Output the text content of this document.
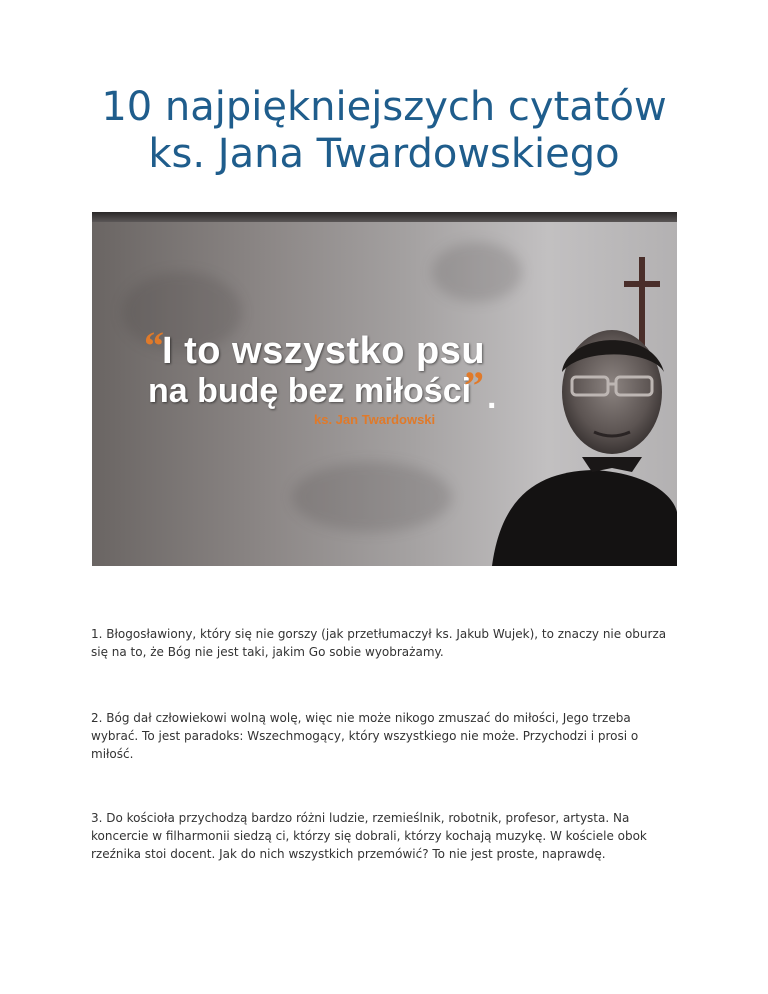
10 najpiękniejszych cytatów
ks. Jana Twardowskiego
“
I to wszystko psu
na budę bez miłości
” .
ks. Jan Twardowski

1. Błogosławiony, który się nie gorszy (jak przetłumaczył ks. Jakub Wujek), to znaczy nie oburza się na to, że Bóg nie jest taki, jakim Go sobie wyobrażamy.

2. Bóg dał człowiekowi wolną wolę, więc nie może nikogo zmuszać do miłości, Jego trzeba wybrać. To jest paradoks: Wszechmogący, który wszystkiego nie może. Przychodzi i prosi o miłość.

3. Do kościoła przychodzą bardzo różni ludzie, rzemieślnik, robotnik, profesor, artysta. Na koncercie w filharmonii siedzą ci, którzy się dobrali, którzy kochają muzykę. W kościele obok rzeźnika stoi docent. Jak do nich wszystkich przemówić? To nie jest proste, naprawdę.
